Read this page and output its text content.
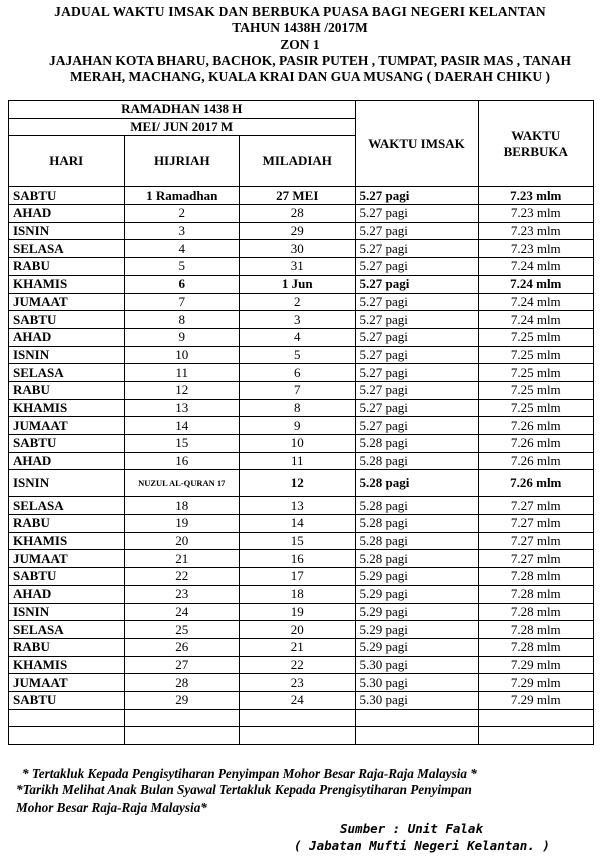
JADUAL WAKTU IMSAK DAN BERBUKA PUASA BAGI NEGERI KELANTAN
TAHUN 1438H /2017M
ZON 1
JAJAHAN KOTA BHARU, BACHOK, PASIR PUTEH , TUMPAT, PASIR MAS , TANAH MERAH, MACHANG, KUALA KRAI DAN GUA MUSANG ( DAERAH CHIKU )
RAMADHAN 1438 H			WAKTU IMSAK	WAKTU BERBUKA
MEI/ JUN 2017 M				
HARI	HIJRIAH	MILADIAH		
SABTU	1 Ramadhan	27 MEI	5.27 pagi	7.23 mlm
AHAD	2	28	5.27 pagi	7.23 mlm
ISNIN	3	29	5.27 pagi	7.23 mlm
SELASA	4	30	5.27 pagi	7.23 mlm
RABU	5	31	5.27 pagi	7.24 mlm
KHAMIS	6	1 Jun	5.27 pagi	7.24 mlm
JUMAAT	7	2	5.27 pagi	7.24 mlm
SABTU	8	3	5.27 pagi	7.24 mlm
AHAD	9	4	5.27 pagi	7.25 mlm
ISNIN	10	5	5.27 pagi	7.25 mlm
SELASA	11	6	5.27 pagi	7.25 mlm
RABU	12	7	5.27 pagi	7.25 mlm
KHAMIS	13	8	5.27 pagi	7.25 mlm
JUMAAT	14	9	5.27 pagi	7.26 mlm
SABTU	15	10	5.28 pagi	7.26 mlm
AHAD	16	11	5.28 pagi	7.26 mlm
ISNIN	NUZUL AL-QURAN 17	12	5.28 pagi	7.26 mlm
SELASA	18	13	5.28 pagi	7.27 mlm
RABU	19	14	5.28 pagi	7.27 mlm
KHAMIS	20	15	5.28 pagi	7.27 mlm
JUMAAT	21	16	5.28 pagi	7.27 mlm
SABTU	22	17	5.29 pagi	7.28 mlm
AHAD	23	18	5.29 pagi	7.28 mlm
ISNIN	24	19	5.29 pagi	7.28 mlm
SELASA	25	20	5.29 pagi	7.28 mlm
RABU	26	21	5.29 pagi	7.28 mlm
KHAMIS	27	22	5.30 pagi	7.29 mlm
JUMAAT	28	23	5.30 pagi	7.29 mlm
SABTU	29	24	5.30 pagi	7.29 mlm

* Tertakluk Kepada Pengisytiharan Penyimpan Mohor Besar Raja-Raja Malaysia *
*Tarikh Melihat Anak Bulan Syawal Tertakluk Kepada Prengisytiharan Penyimpan
Mohor Besar Raja-Raja Malaysia*
Sumber : Unit Falak
( Jabatan Mufti Negeri Kelantan. )
